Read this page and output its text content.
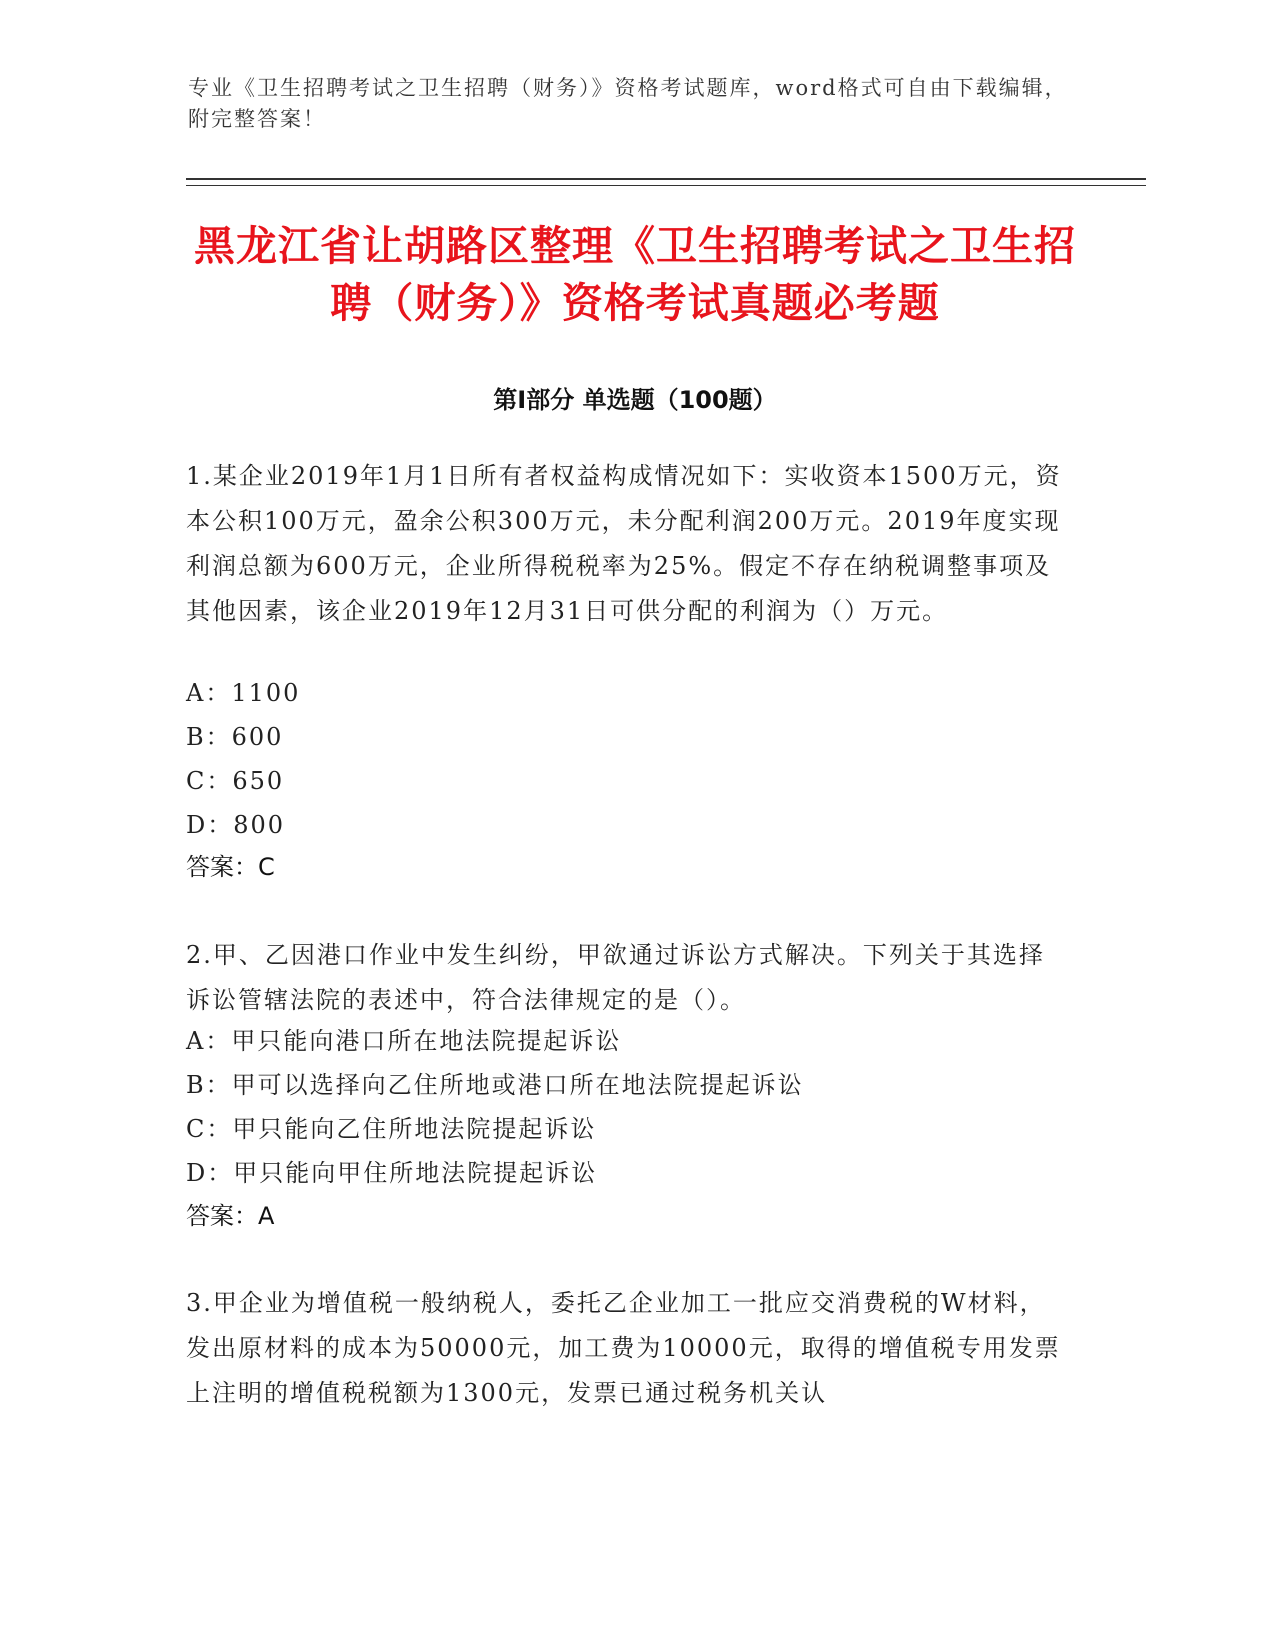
专业《卫生招聘考试之卫生招聘（财务）》资格考试题库，word格式可自由下载编辑，附完整答案！
黑龙江省让胡路区整理《卫生招聘考试之卫生招聘（财务）》资格考试真题必考题
第Ⅰ部分 单选题（100题）
1.某企业2019年1月1日所有者权益构成情况如下：实收资本1500万元，资本公积100万元，盈余公积300万元，未分配利润200万元。2019年度实现利润总额为600万元，企业所得税税率为25%。假定不存在纳税调整事项及其他因素，该企业2019年12月31日可供分配的利润为（）万元。
A：1100
B：600
C：650
D：800
答案：C
2.甲、乙因港口作业中发生纠纷，甲欲通过诉讼方式解决。下列关于其选择诉讼管辖法院的表述中，符合法律规定的是（）。
A：甲只能向港口所在地法院提起诉讼
B：甲可以选择向乙住所地或港口所在地法院提起诉讼
C：甲只能向乙住所地法院提起诉讼
D：甲只能向甲住所地法院提起诉讼
答案：A
3.甲企业为增值税一般纳税人，委托乙企业加工一批应交消费税的W材料，发出原材料的成本为50000元，加工费为10000元，取得的增值税专用发票上注明的增值税税额为1300元，发票已通过税务机关认
